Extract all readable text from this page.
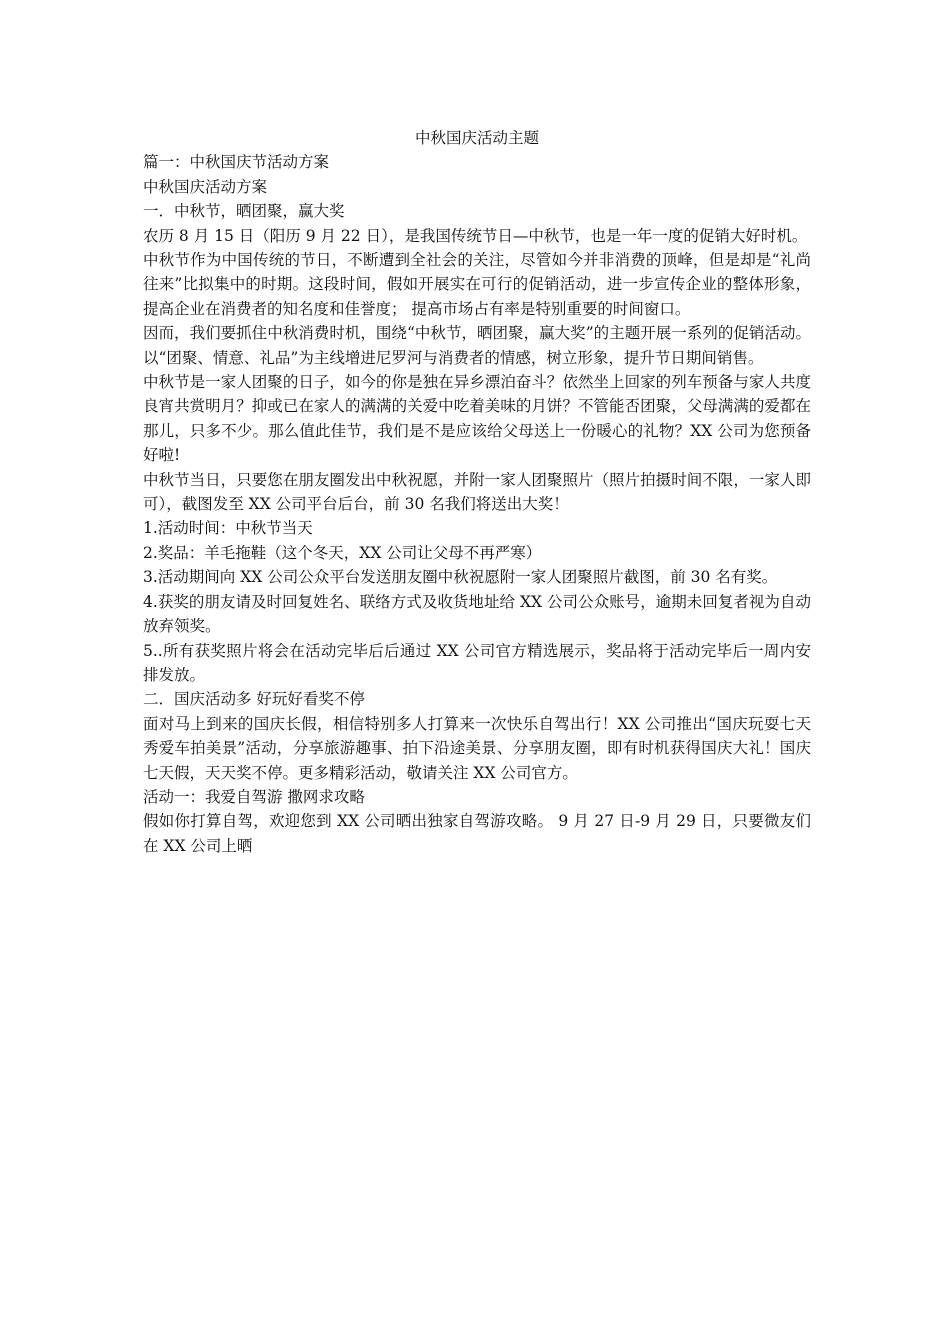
中秋国庆活动主题

篇一：中秋国庆节活动方案

中秋国庆活动方案

一．中秋节，晒团聚，赢大奖

农历 8 月 15 日（阳历 9 月 22 日），是我国传统节日—中秋节，也是一年一度的促销大好时机。

中秋节作为中国传统的节日，不断遭到全社会的关注，尽管如今并非消费的顶峰，但是却是“礼尚往来”比拟集中的时期。这段时间，假如开展实在可行的促销活动，进一步宣传企业的整体形象，提高企业在消费者的知名度和佳誉度； 提高市场占有率是特别重要的时间窗口。

因而，我们要抓住中秋消费时机，围绕“中秋节，晒团聚，赢大奖”的主题开展一系列的促销活动。以“团聚、情意、礼品”为主线增进尼罗河与消费者的情感，树立形象，提升节日期间销售。

中秋节是一家人团聚的日子，如今的你是独在异乡漂泊奋斗？依然坐上回家的列车预备与家人共度良宵共赏明月？抑或已在家人的满满的关爱中吃着美味的月饼？不管能否团聚，父母满满的爱都在那儿，只多不少。那么值此佳节，我们是不是应该给父母送上一份暖心的礼物？XX 公司为您预备好啦!

中秋节当日，只要您在朋友圈发出中秋祝愿，并附一家人团聚照片（照片拍摄时间不限，一家人即可），截图发至 XX 公司平台后台，前 30 名我们将送出大奖！

1.活动时间：中秋节当天

2.奖品：羊毛拖鞋（这个冬天，XX 公司让父母不再严寒）

3.活动期间向 XX 公司公众平台发送朋友圈中秋祝愿附一家人团聚照片截图，前 30 名有奖。

4.获奖的朋友请及时回复姓名、联络方式及收货地址给 XX 公司公众账号，逾期未回复者视为自动放弃领奖。

5..所有获奖照片将会在活动完毕后后通过 XX 公司官方精选展示，奖品将于活动完毕后一周内安排发放。

二．国庆活动多 好玩好看奖不停

面对马上到来的国庆长假，相信特别多人打算来一次快乐自驾出行！XX 公司推出“国庆玩耍七天 秀爱车拍美景”活动，分享旅游趣事、拍下沿途美景、分享朋友圈，即有时机获得国庆大礼！国庆七天假，天天奖不停。更多精彩活动，敬请关注 XX 公司官方。

活动一：我爱自驾游 撒网求攻略

假如你打算自驾，欢迎您到 XX 公司晒出独家自驾游攻略。 9 月 27 日-9 月 29 日，只要微友们在 XX 公司上晒
